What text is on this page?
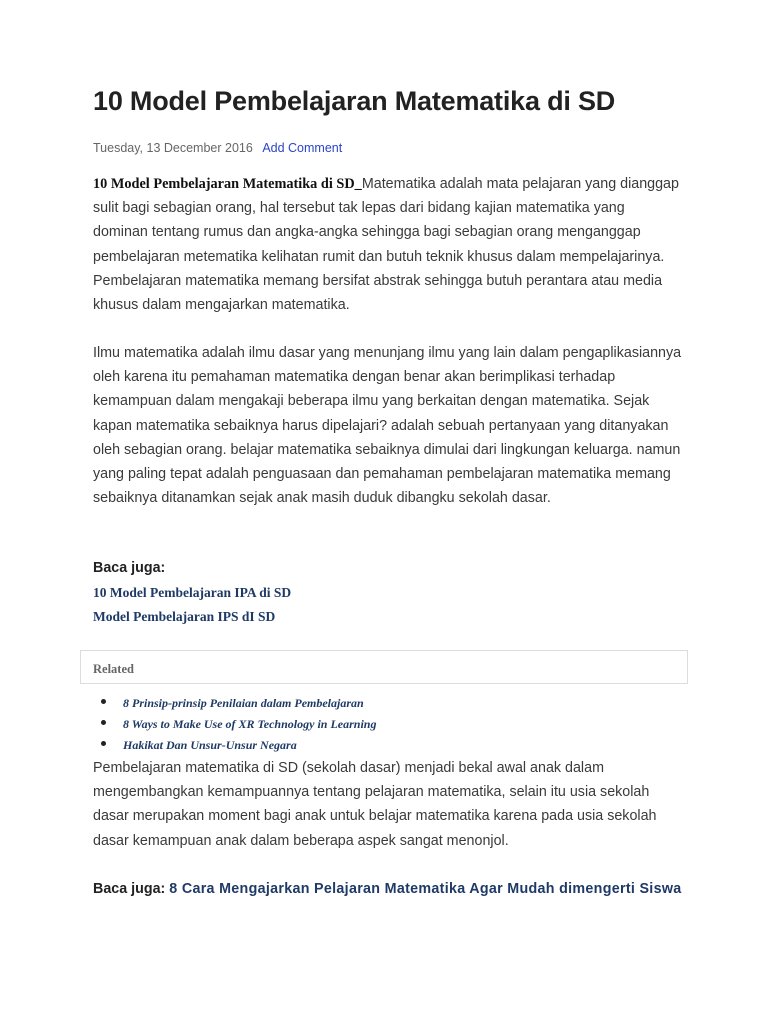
10 Model Pembelajaran Matematika di SD
Tuesday, 13 December 2016 Add Comment

10 Model Pembelajaran Matematika di SD_Matematika adalah mata pelajaran yang dianggap sulit bagi sebagian orang, hal tersebut tak lepas dari bidang kajian matematika yang dominan tentang rumus dan angka-angka sehingga bagi sebagian orang menganggap pembelajaran metematika kelihatan rumit dan butuh teknik khusus dalam mempelajarinya. Pembelajaran matematika memang bersifat abstrak sehingga butuh perantara atau media khusus dalam mengajarkan matematika.

Ilmu matematika adalah ilmu dasar yang menunjang ilmu yang lain dalam pengaplikasiannya oleh karena itu pemahaman matematika dengan benar akan berimplikasi terhadap kemampuan dalam mengakaji beberapa ilmu yang berkaitan dengan matematika. Sejak kapan matematika sebaiknya harus dipelajari? adalah sebuah pertanyaan yang ditanyakan oleh sebagian orang. belajar matematika sebaiknya dimulai dari lingkungan keluarga. namun yang paling tepat adalah penguasaan dan pemahaman pembelajaran matematika memang sebaiknya ditanamkan sejak anak masih duduk dibangku sekolah dasar.

Baca juga:
10 Model Pembelajaran IPA di SD
Model Pembelajaran IPS dI SD
8 Prinsip-prinsip Penilaian dalam Pembelajaran
8 Ways to Make Use of XR Technology in Learning
Hakikat Dan Unsur-Unsur Negara

Pembelajaran matematika di SD (sekolah dasar) menjadi bekal awal anak dalam mengembangkan kemampuannya tentang pelajaran matematika, selain itu usia sekolah dasar merupakan moment bagi anak untuk belajar matematika karena pada usia sekolah dasar kemampuan anak dalam beberapa aspek sangat menonjol.

Baca juga: 8 Cara Mengajarkan Pelajaran Matematika Agar Mudah dimengerti Siswa
Related
